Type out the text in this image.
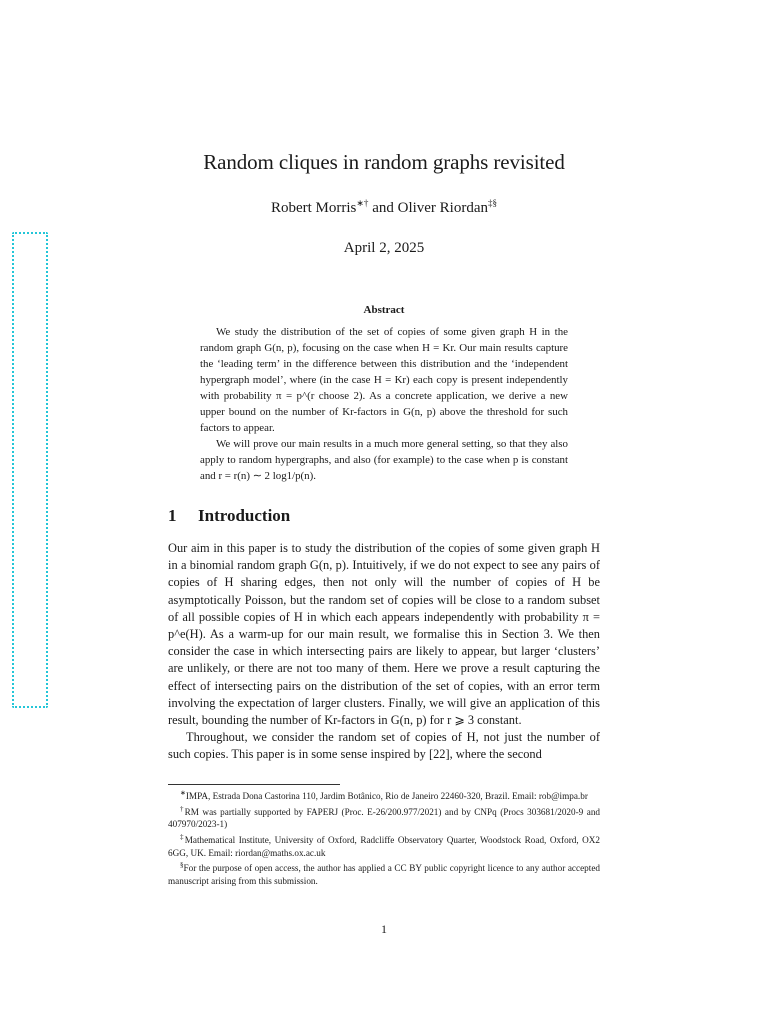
Random cliques in random graphs revisited
Robert Morris∗† and Oliver Riordan‡§
April 2, 2025
Abstract

We study the distribution of the set of copies of some given graph H in the random graph G(n, p), focusing on the case when H = Kr. Our main results capture the ‘leading term’ in the difference between this distribution and the ‘independent hypergraph model’, where (in the case H = Kr) each copy is present independently with probability π = p^(r choose 2). As a concrete application, we derive a new upper bound on the number of Kr-factors in G(n, p) above the threshold for such factors to appear.

We will prove our main results in a much more general setting, so that they also apply to random hypergraphs, and also (for example) to the case when p is constant and r = r(n) ∼ 2 log1/p(n).

1 Introduction

Our aim in this paper is to study the distribution of the copies of some given graph H in a binomial random graph G(n, p). Intuitively, if we do not expect to see any pairs of copies of H sharing edges, then not only will the number of copies of H be asymptotically Poisson, but the random set of copies will be close to a random subset of all possible copies of H in which each appears independently with probability π = p^e(H). As a warm-up for our main result, we formalise this in Section 3. We then consider the case in which intersecting pairs are likely to appear, but larger ‘clusters’ are unlikely, or there are not too many of them. Here we prove a result capturing the effect of intersecting pairs on the distribution of the set of copies, with an error term involving the expectation of larger clusters. Finally, we will give an application of this result, bounding the number of Kr-factors in G(n, p) for r ⩾ 3 constant.

Throughout, we consider the random set of copies of H, not just the number of such copies. This paper is in some sense inspired by [22], where the second

∗IMPA, Estrada Dona Castorina 110, Jardim Botânico, Rio de Janeiro 22460-320, Brazil. Email: rob@impa.br

†RM was partially supported by FAPERJ (Proc. E-26/200.977/2021) and by CNPq (Procs 303681/2020-9 and 407970/2023-1)

‡Mathematical Institute, University of Oxford, Radcliffe Observatory Quarter, Woodstock Road, Oxford, OX2 6GG, UK. Email: riordan@maths.ox.ac.uk

§For the purpose of open access, the author has applied a CC BY public copyright licence to any author accepted manuscript arising from this submission.

1
